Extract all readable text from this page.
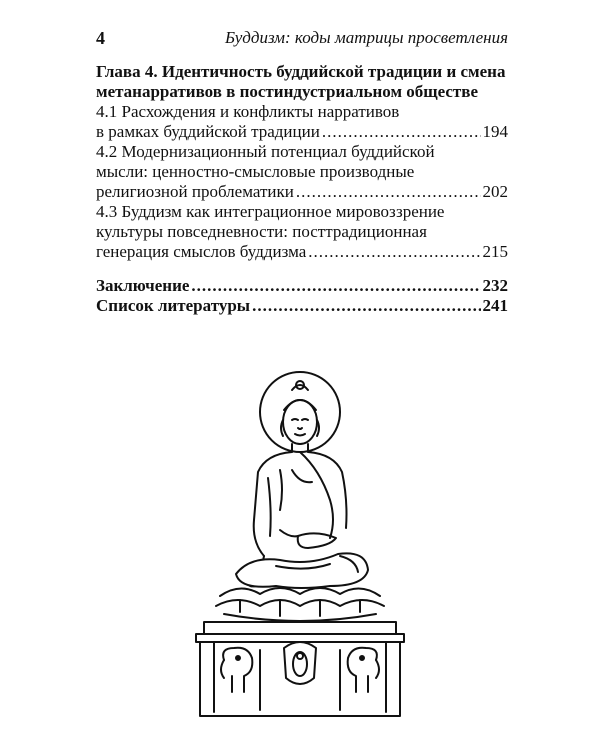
4	Буддизм: коды матрицы просветления
Глава 4. Идентичность буддийской традиции и смена
метанарративов в постиндустриальном обществе
4.1 Расхождения и конфликты нарративов
в рамках буддийской традиции .....	194
4.2 Модернизационный потенциал буддийской
мысли: ценностно-смысловые производные
религиозной проблематики .....	202
4.3 Буддизм как интеграционное мировоззрение
культуры повседневности: посттрадиционная
генерация смыслов буддизма .....	215
Заключение .....	232
Список литературы .....	241
